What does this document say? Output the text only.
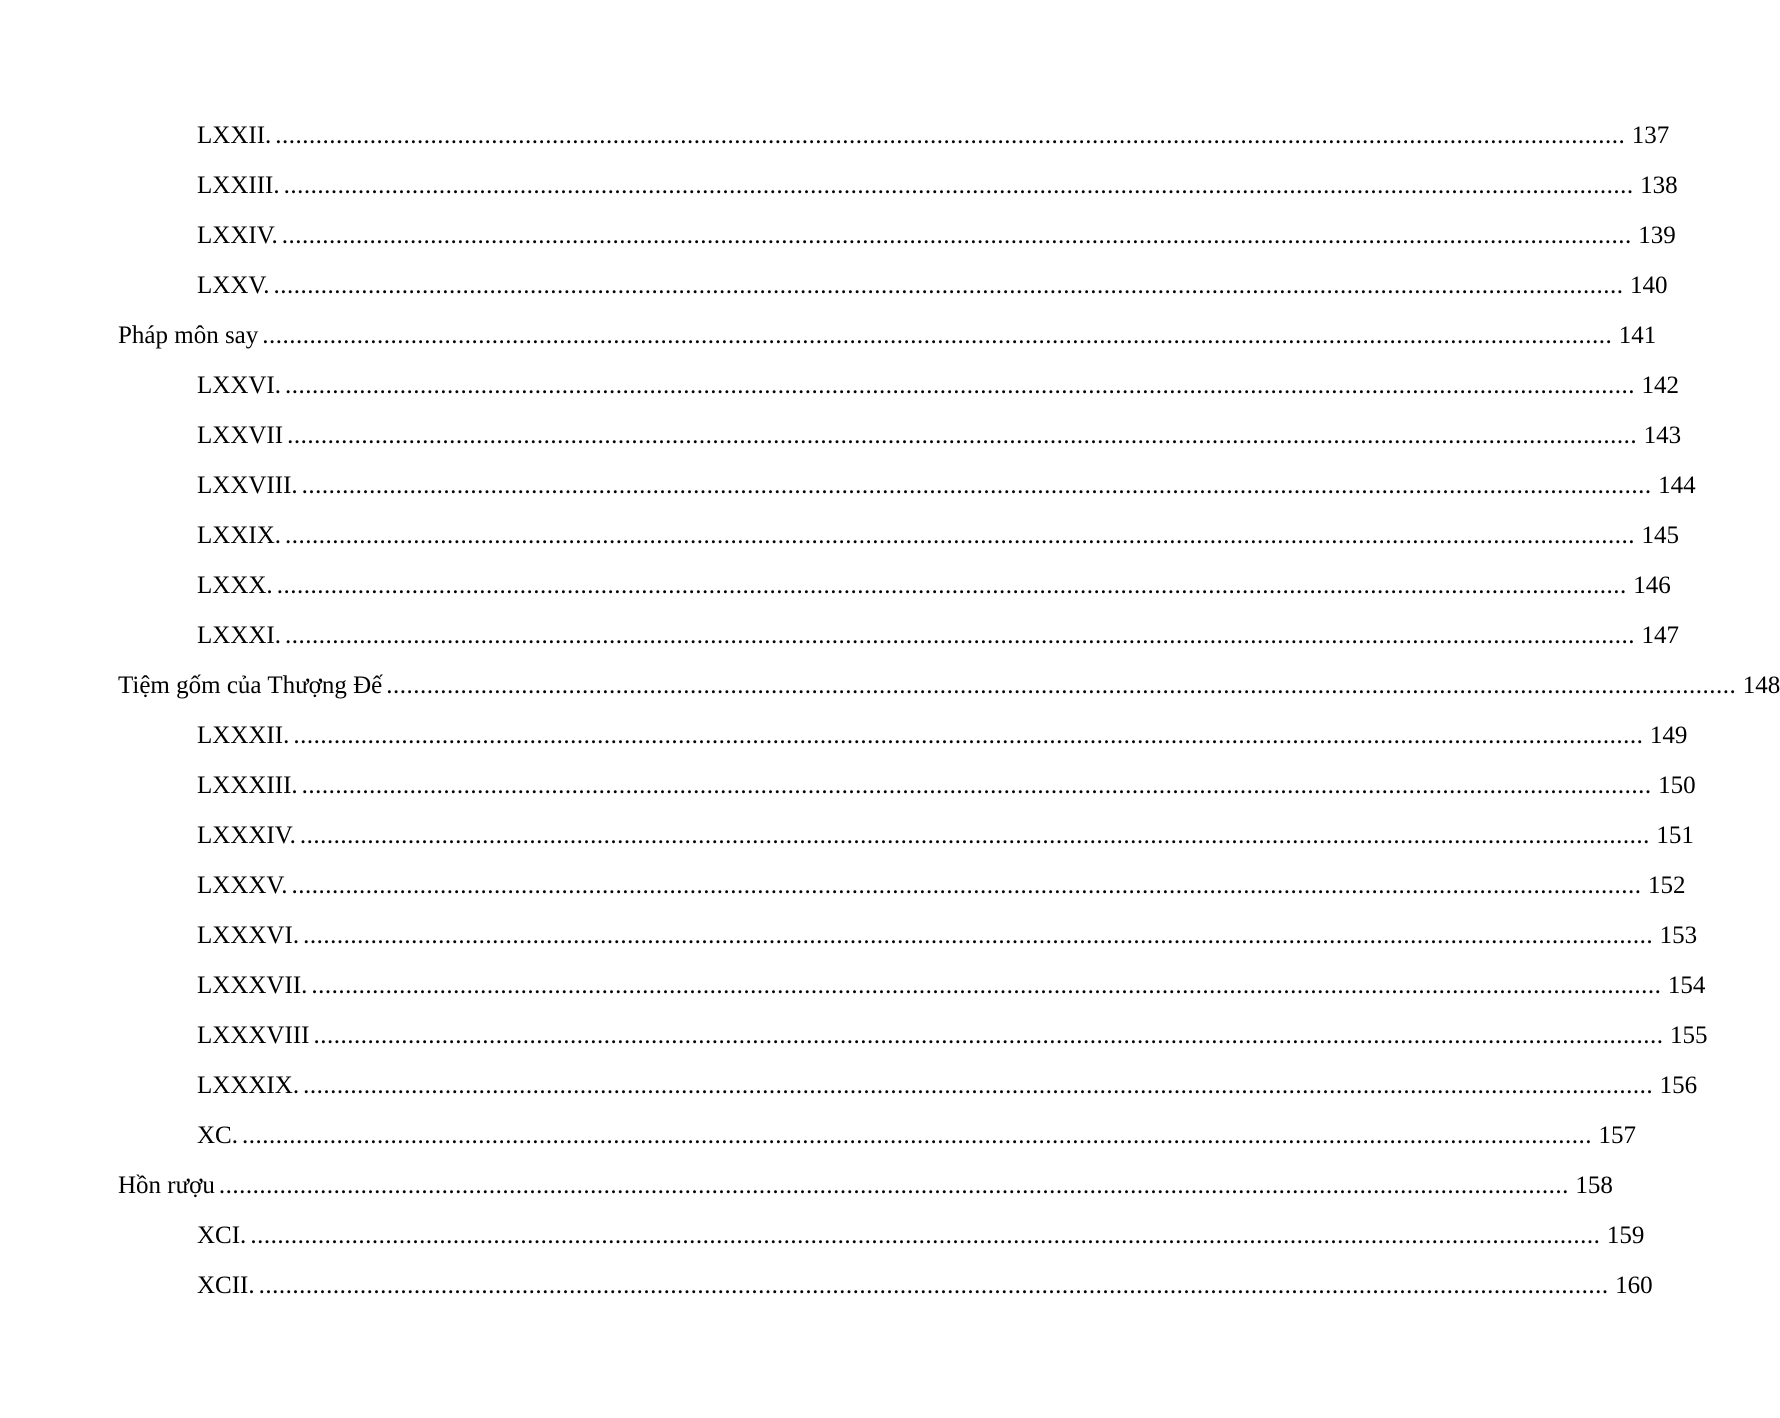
LXXII. ........................................................................................................................................................................................................ 137
LXXIII. ........................................................................................................................................................................................................ 138
LXXIV. ........................................................................................................................................................................................................ 139
LXXV. ........................................................................................................................................................................................................ 140
Pháp môn say ........................................................................................................................................................................................................ 141
LXXVI. ........................................................................................................................................................................................................ 142
LXXVII ........................................................................................................................................................................................................ 143
LXXVIII. ........................................................................................................................................................................................................ 144
LXXIX. ........................................................................................................................................................................................................ 145
LXXX. ........................................................................................................................................................................................................ 146
LXXXI. ........................................................................................................................................................................................................ 147
Tiệm gốm của Thượng Đế ........................................................................................................................................................................................................ 148
LXXXII. ........................................................................................................................................................................................................ 149
LXXXIII. ........................................................................................................................................................................................................ 150
LXXXIV. ........................................................................................................................................................................................................ 151
LXXXV. ........................................................................................................................................................................................................ 152
LXXXVI. ........................................................................................................................................................................................................ 153
LXXXVII. ........................................................................................................................................................................................................ 154
LXXXVIII ........................................................................................................................................................................................................ 155
LXXXIX. ........................................................................................................................................................................................................ 156
XC. ........................................................................................................................................................................................................ 157
Hồn rượu ........................................................................................................................................................................................................ 158
XCI. ........................................................................................................................................................................................................ 159
XCII. ........................................................................................................................................................................................................ 160
